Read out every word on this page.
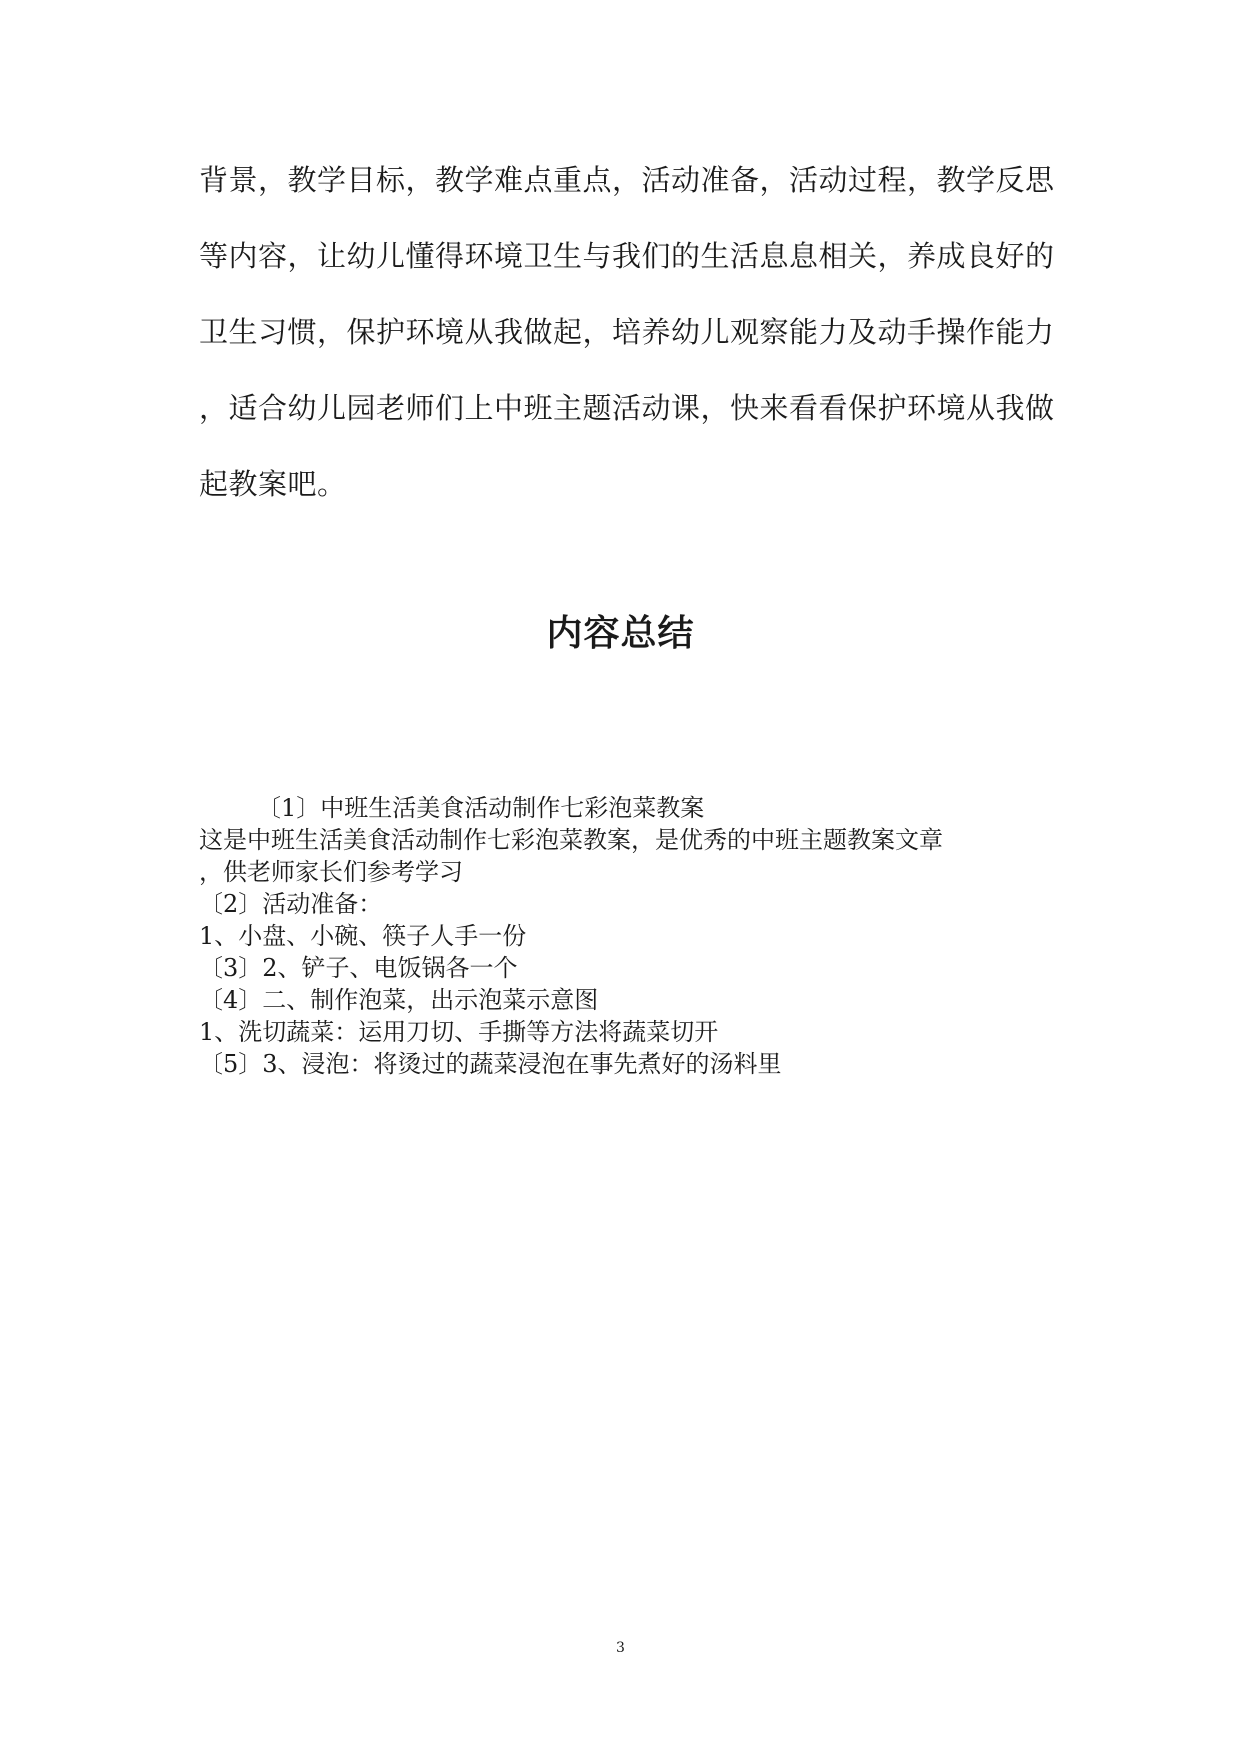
背景，教学目标，教学难点重点，活动准备，活动过程，教学反思
等内容，让幼儿懂得环境卫生与我们的生活息息相关，养成良好的
卫生习惯，保护环境从我做起，培养幼儿观察能力及动手操作能力
，适合幼儿园老师们上中班主题活动课，快来看看保护环境从我做
起教案吧。
内容总结
〔1〕中班生活美食活动制作七彩泡菜教案
这是中班生活美食活动制作七彩泡菜教案，是优秀的中班主题教案文章
，供老师家长们参考学习
〔2〕活动准备：
1、小盘、小碗、筷子人手一份
〔3〕2、铲子、电饭锅各一个
〔4〕二、制作泡菜，出示泡菜示意图
1、洗切蔬菜：运用刀切、手撕等方法将蔬菜切开
〔5〕3、浸泡：将烫过的蔬菜浸泡在事先煮好的汤料里
3
